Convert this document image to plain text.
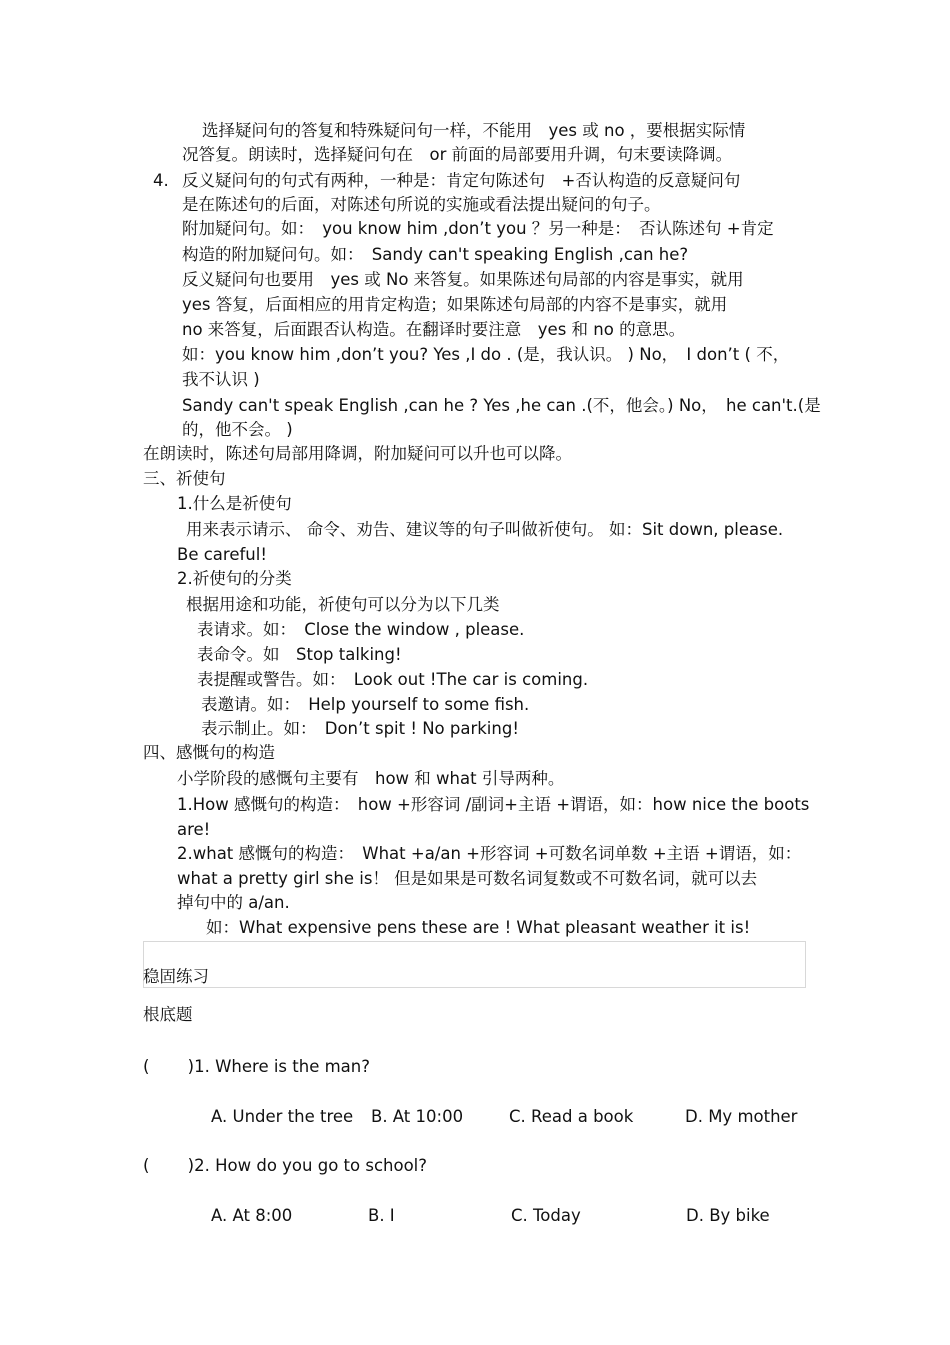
选择疑问句的答复和特殊疑问句一样，不能用　yes 或 no ，要根据实际情
况答复。朗读时，选择疑问句在　or 前面的局部要用升调，句末要读降调。
4. 反义疑问句的句式有两种，一种是：肯定句陈述句　+否认构造的反意疑问句
是在陈述句的后面，对陈述句所说的实施或看法提出疑问的句子。
附加疑问句。如：　you know him ,don’t you ？另一种是：　否认陈述句 +肯定
构造的附加疑问句。如：　Sandy can't speaking English ,can he?
反义疑问句也要用　yes 或 No 来答复。如果陈述句局部的内容是事实，就用
yes 答复，后面相应的用肯定构造；如果陈述句局部的内容不是事实，就用
no 来答复，后面跟否认构造。在翻译时要注意　yes 和 no 的意思。
如：you know him ,don’t you? Yes ,I do . (是，我认识。 ) No，　I don’t ( 不，
我不认识 )
Sandy can't speak English ,can he ? Yes ,he can .(不，他会。) No，　he can't.(是
的，他不会。 )
在朗读时，陈述句局部用降调，附加疑问可以升也可以降。
三、祈使句
1.什么是祈使句
用来表示请示、 命令、劝告、建议等的句子叫做祈使句。 如：Sit down, please.
Be careful!
2.祈使句的分类
根据用途和功能，祈使句可以分为以下几类
表请求。如：　Close the window , please.
表命令。如　Stop talking!
表提醒或警告。如：　Look out !The car is coming.
表邀请。如：　Help yourself to some fish.
表示制止。如：　Don’t spit ! No parking!
四、感慨句的构造
小学阶段的感慨句主要有　how 和 what 引导两种。
1.How 感慨句的构造：　how +形容词 /副词+主语 +谓语，如：how nice the boots
are!
2.what 感慨句的构造：　What +a/an +形容词 +可数名词单数 +主语 +谓语，如：
what a pretty girl she is！ 但是如果是可数名词复数或不可数名词，就可以去
掉句中的 a/an.
如：What expensive pens these are ! What pleasant weather it is!
稳固练习
根底题
(　　 )1. Where is the man?
A. Under the tree B. At 10:00	C. Read a book	D. My mother
(　　 )2. How do you go to school?
A. At 8:00	B. I	C. Today	D. By bike
